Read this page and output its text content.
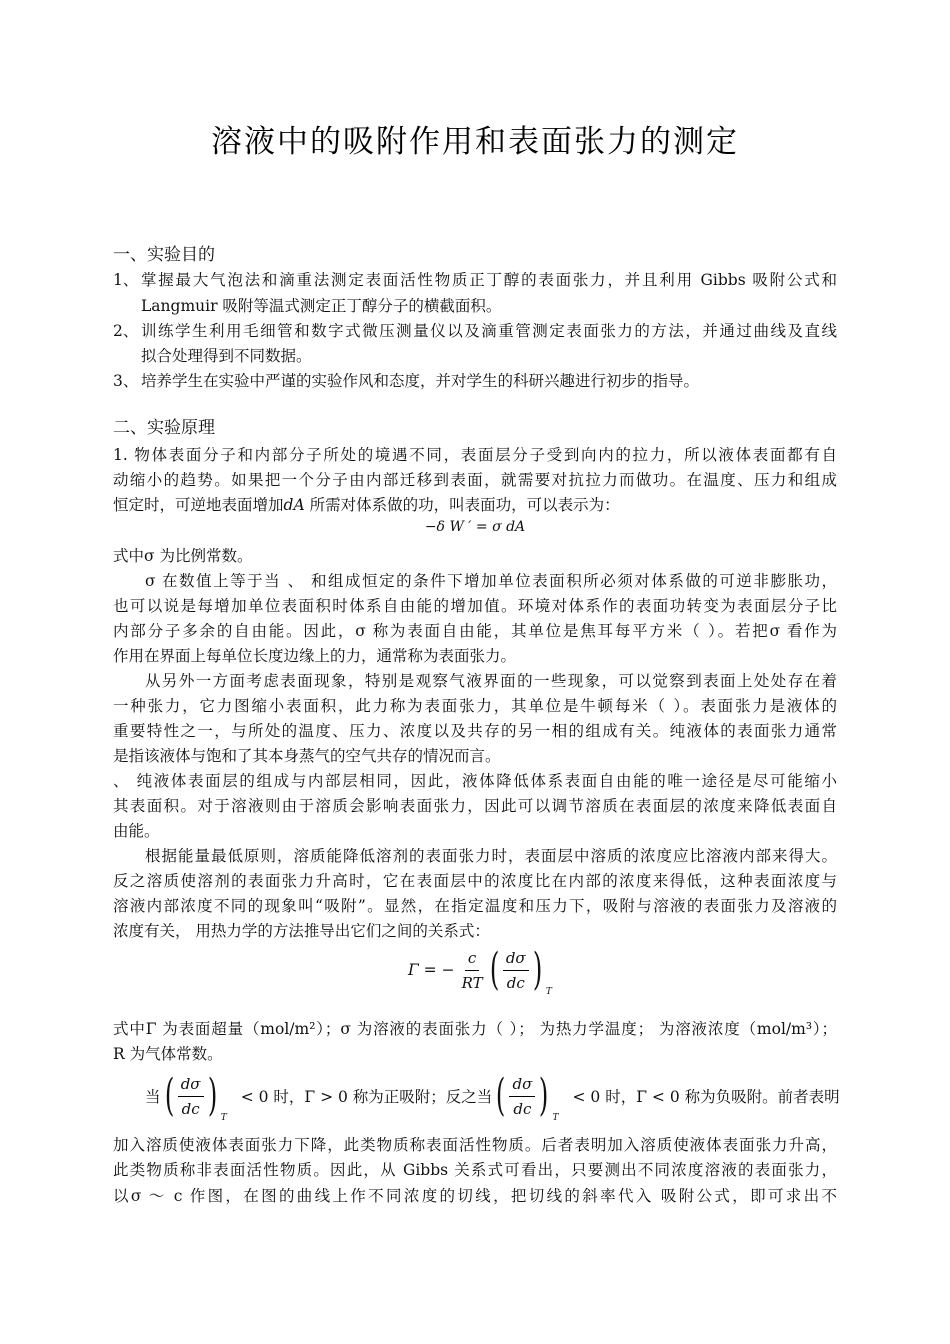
溶液中的吸附作用和表面张力的测定
一、实验目的
1、 掌握最大气泡法和滴重法测定表面活性物质正丁醇的表面张力，并且利用 Gibbs 吸附公式和
Langmuir 吸附等温式测定正丁醇分子的横截面积。
2、 训练学生利用毛细管和数字式微压测量仪以及滴重管测定表面张力的方法，并通过曲线及直线
拟合处理得到不同数据。
3、 培养学生在实验中严谨的实验作风和态度，并对学生的科研兴趣进行初步的指导。
二、实验原理
1. 物体表面分子和内部分子所处的境遇不同，表面层分子受到向内的拉力，所以液体表面都有自
动缩小的趋势。如果把一个分子由内部迁移到表面，就需要对抗拉力而做功。在温度、压力和组成
恒定时，可逆地表面增加dA 所需对体系做的功，叫表面功，可以表示为：
−δ W ′ = σ dA
式中σ 为比例常数。
σ 在数值上等于当 、 和组成恒定的条件下增加单位表面积所必须对体系做的可逆非膨胀功，
也可以说是每增加单位表面积时体系自由能的增加值。环境对体系作的表面功转变为表面层分子比
内部分子多余的自由能。因此，σ 称为表面自由能，其单位是焦耳每平方米（ ）。若把σ 看作为
作用在界面上每单位长度边缘上的力，通常称为表面张力。
从另外一方面考虑表面现象，特别是观察气液界面的一些现象，可以觉察到表面上处处存在着
一种张力，它力图缩小表面积，此力称为表面张力，其单位是牛顿每米（ ）。表面张力是液体的
重要特性之一，与所处的温度、压力、浓度以及共存的另一相的组成有关。纯液体的表面张力通常
是指该液体与饱和了其本身蒸气的空气共存的情况而言。
、 纯液体表面层的组成与内部层相同，因此，液体降低体系表面自由能的唯一途径是尽可能缩小
其表面积。对于溶液则由于溶质会影响表面张力，因此可以调节溶质在表面层的浓度来降低表面自
由能。
根据能量最低原则，溶质能降低溶剂的表面张力时，表面层中溶质的浓度应比溶液内部来得大。
反之溶质使溶剂的表面张力升高时，它在表面层中的浓度比在内部的浓度来得低，这种表面浓度与
溶液内部浓度不同的现象叫“吸附”。显然，在指定温度和压力下，吸附与溶液的表面张力及溶液的
浓度有关， 用热力学的方法推导出它们之间的关系式：
Γ = − $\frac{c}{RT}$ ( $\frac{d\sigma}{dc}$ ) T
式中Γ 为表面超量（mol/m²）；σ 为溶液的表面张力（ ）； 为热力学温度； 为溶液浓度（mol/m³）；
R 为气体常数。
当 ( $\frac{d\sigma}{dc}$ ) T
< 0 时，Γ > 0 称为正吸附；反之当 ( $\frac{d\sigma}{dc}$ ) T
< 0 时，Γ < 0 称为负吸附。前者表明
加入溶质使液体表面张力下降，此类物质称表面活性物质。后者表明加入溶质使液体表面张力升高，
此类物质称非表面活性物质。因此，从 Gibbs 关系式可看出，只要测出不同浓度溶液的表面张力，
以σ ～ c 作图，在图的曲线上作不同浓度的切线，把切线的斜率代入 吸附公式，即可求出不
